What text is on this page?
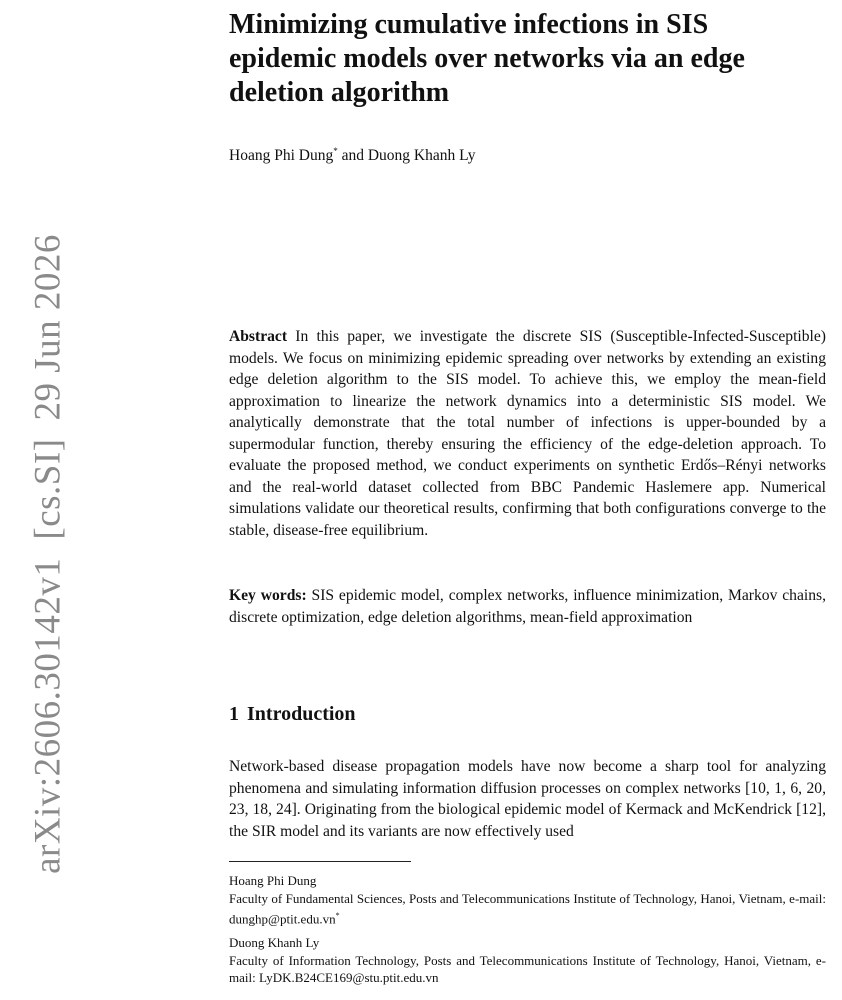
arXiv:2606.30142v1[cs.SI]29 Jun 2026
Minimizing cumulative infections in SIS epidemic models over networks via an edge deletion algorithm
Hoang Phi Dung* and Duong Khanh Ly

Abstract In this paper, we investigate the discrete SIS (Susceptible-Infected-Susceptible) models. We focus on minimizing epidemic spreading over networks by extending an existing edge deletion algorithm to the SIS model. To achieve this, we employ the mean-field approximation to linearize the network dynamics into a deterministic SIS model. We analytically demonstrate that the total number of infections is upper-bounded by a supermodular function, thereby ensuring the efficiency of the edge-deletion approach. To evaluate the proposed method, we conduct experiments on synthetic Erdős–Rényi networks and the real-world dataset collected from BBC Pandemic Haslemere app. Numerical simulations validate our theoretical results, confirming that both configurations converge to the stable, disease-free equilibrium.

Key words: SIS epidemic model, complex networks, influence minimization, Markov chains, discrete optimization, edge deletion algorithms, mean-field approximation

1 Introduction

Network-based disease propagation models have now become a sharp tool for analyzing phenomena and simulating information diffusion processes on complex networks [10, 1, 6, 20, 23, 18, 24]. Originating from the biological epidemic model of Kermack and McKendrick [12], the SIR model and its variants are now effectively used

Hoang Phi Dung
Faculty of Fundamental Sciences, Posts and Telecommunications Institute of Technology, Hanoi, Vietnam, e-mail: dunghp@ptit.edu.vn*
Duong Khanh Ly
Faculty of Information Technology, Posts and Telecommunications Institute of Technology, Hanoi, Vietnam, e-mail: LyDK.B24CE169@stu.ptit.edu.vn
